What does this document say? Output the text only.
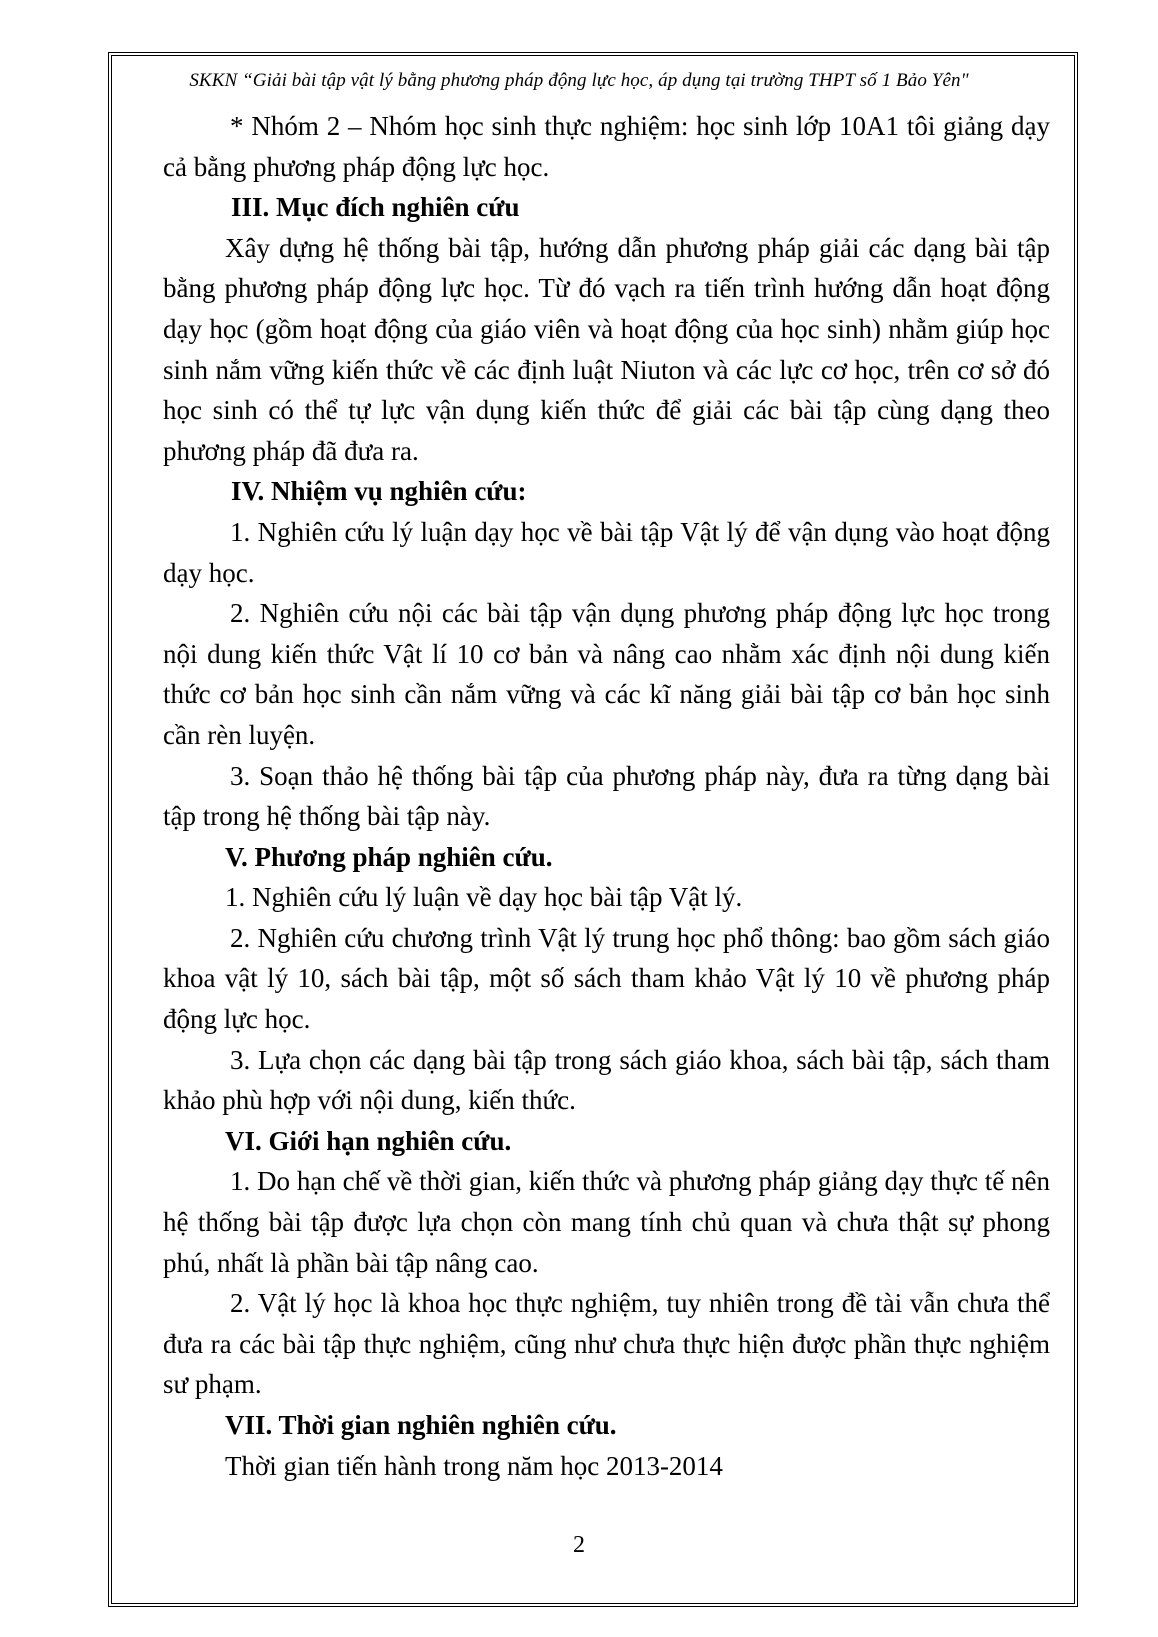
SKKN “Giải bài tập vật lý bằng phương pháp động lực học, áp dụng tại trường THPT số 1 Bảo Yên"

* Nhóm 2 – Nhóm học sinh thực nghiệm: học sinh lớp 10A1 tôi giảng dạy cả bằng phương pháp động lực học.

III. Mục đích nghiên cứu

Xây dựng hệ thống bài tập, hướng dẫn phương pháp giải các dạng bài tập bằng phương pháp động lực học. Từ đó vạch ra tiến trình hướng dẫn hoạt động dạy học (gồm hoạt động của giáo viên và hoạt động của học sinh) nhằm giúp học sinh nắm vững kiến thức về các định luật Niuton và các lực cơ học, trên cơ sở đó học sinh có thể tự lực vận dụng kiến thức để giải các bài tập cùng dạng theo phương pháp đã đưa ra.

IV. Nhiệm vụ nghiên cứu:

1. Nghiên cứu lý luận dạy học về bài tập Vật lý để vận dụng vào hoạt động dạy học.

2. Nghiên cứu nội các bài tập vận dụng phương pháp động lực học trong nội dung kiến thức Vật lí 10 cơ bản và nâng cao nhằm xác định nội dung kiến thức cơ bản học sinh cần nắm vững và các kĩ năng giải bài tập cơ bản học sinh cần rèn luyện.

3. Soạn thảo hệ thống bài tập của phương pháp này, đưa ra từng dạng bài tập trong hệ thống bài tập này.

V. Phương pháp nghiên cứu.

1. Nghiên cứu lý luận về dạy học bài tập Vật lý.

2. Nghiên cứu chương trình Vật lý trung học phổ thông: bao gồm sách giáo khoa vật lý 10, sách bài tập, một số sách tham khảo Vật lý 10 về phương pháp động lực học.

3. Lựa chọn các dạng bài tập trong sách giáo khoa, sách bài tập, sách tham khảo phù hợp với nội dung, kiến thức.

VI. Giới hạn nghiên cứu.

1. Do hạn chế về thời gian, kiến thức và phương pháp giảng dạy thực tế nên hệ thống bài tập được lựa chọn còn mang tính chủ quan và chưa thật sự phong phú, nhất là phần bài tập nâng cao.

2. Vật lý học là khoa học thực nghiệm, tuy nhiên trong đề tài vẫn chưa thể đưa ra các bài tập thực nghiệm, cũng như chưa thực hiện được phần thực nghiệm sư phạm.

VII. Thời gian nghiên nghiên cứu.

Thời gian tiến hành trong năm học 2013-2014

2
